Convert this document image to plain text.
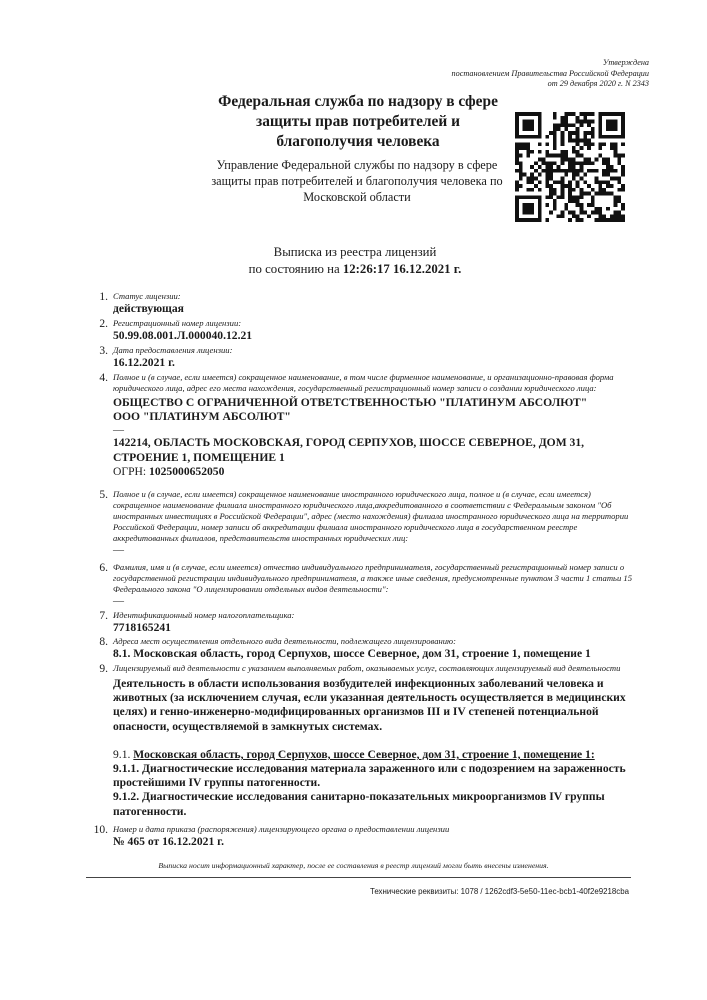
Утверждена
постановлением Правительства Российской Федерации
от 29 декабря 2020 г. N 2343
Федеральная служба по надзору в сфере защиты прав потребителей и благополучия человека
Управление Федеральной службы по надзору в сфере защиты прав потребителей и благополучия человека по Московской области
Выписка из реестра лицензий
по состоянию на 12:26:17 16.12.2021 г.
1. Статус лицензии:
действующая
2. Регистрационный номер лицензии:
50.99.08.001.Л.000040.12.21
3. Дата предоставления лицензии:
16.12.2021 г.
4. Полное и (в случае, если имеется) сокращенное наименование, в том числе фирменное наименование, и организационно-правовая форма юридического лица, адрес его места нахождения, государственный регистрационный номер записи о создании юридического лица:
ОБЩЕСТВО С ОГРАНИЧЕННОЙ ОТВЕТСТВЕННОСТЬЮ "ПЛАТИНУМ АБСОЛЮТ"
ООО "ПЛАТИНУМ АБСОЛЮТ"
—
142214, ОБЛАСТЬ МОСКОВСКАЯ, ГОРОД СЕРПУХОВ, ШОССЕ СЕВЕРНОЕ, ДОМ 31, СТРОЕНИЕ 1, ПОМЕЩЕНИЕ 1
ОГРН: 1025000652050
5. Полное и (в случае, если имеется) сокращенное наименование иностранного юридического лица, полное и (в случае, если имеется) сокращенное наименование филиала иностранного юридического лица,аккредитованного в соответствии с Федеральным законом "Об иностранных инвестициях в Российской Федерации", адрес (место нахождения) филиала иностранного юридического лица на территории Российской Федерации, номер записи об аккредитации филиала иностранного юридического лица в государственном реестре аккредитованных филиалов, представительств иностранных юридических лиц:
—
6. Фамилия, имя и (в случае, если имеется) отчество индивидуального предпринимателя, государственный регистрационный номер записи о государственной регистрации индивидуального предпринимателя, а также иные сведения, предусмотренные пунктом 3 части 1 статьи 15 Федерального закона "О лицензировании отдельных видов деятельности":
—
7. Идентификационный номер налогоплательщика:
7718165241
8. Адреса мест осуществления отдельного вида деятельности, подлежащего лицензированию:
8.1. Московская область, город Серпухов, шоссе Северное, дом 31, строение 1, помещение 1
9. Лицензируемый вид деятельности с указанием выполняемых работ, оказываемых услуг, составляющих лицензируемый вид деятельности
Деятельность в области использования возбудителей инфекционных заболеваний человека и животных (за исключением случая, если указанная деятельность осуществляется в медицинских целях) и генно-инженерно-модифицированных организмов III и IV степеней потенциальной опасности, осуществляемой в замкнутых системах.
9.1. Московская область, город Серпухов, шоссе Северное, дом 31, строение 1, помещение 1:
9.1.1. Диагностические исследования материала зараженного или с подозрением на зараженность простейшими IV группы патогенности.
9.1.2. Диагностические исследования санитарно-показательных микроорганизмов IV группы патогенности.
10. Номер и дата приказа (распоряжения) лицензирующего органа о предоставлении лицензии
№ 465 от 16.12.2021 г.
Выписка носит информационный характер, после ее составления в реестр лицензий могли быть внесены изменения.
Технические реквизиты: 1078 / 1262cdf3-5e50-11ec-bcb1-40f2e9218cba
